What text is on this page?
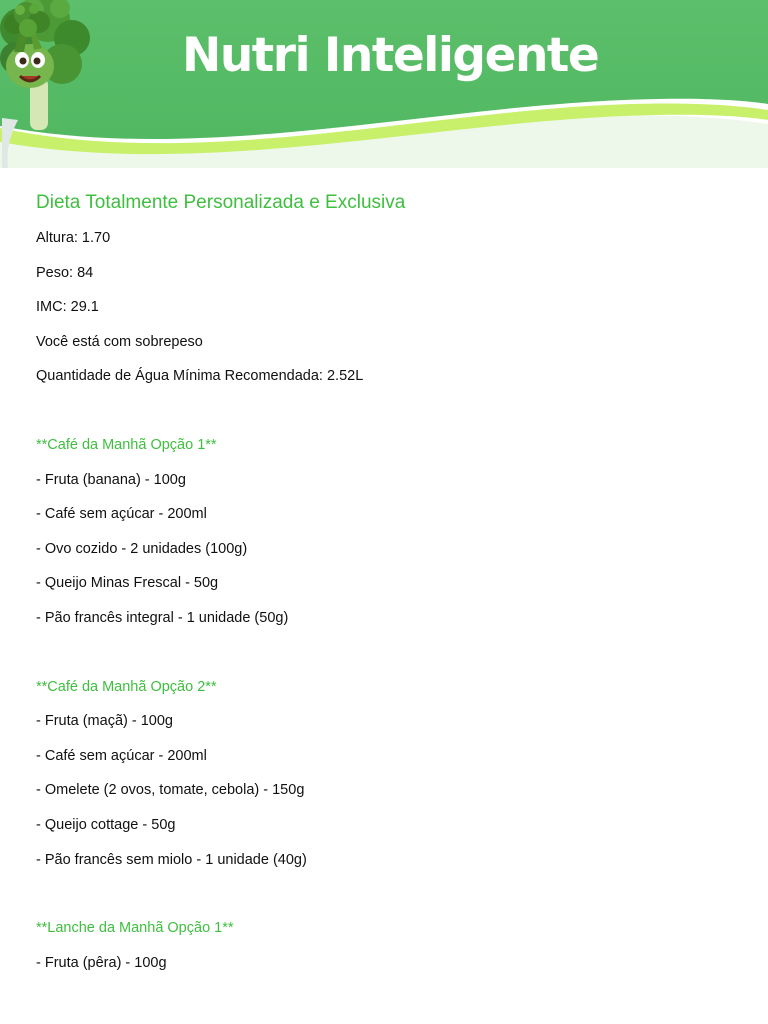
Nutri Inteligente
Dieta Totalmente Personalizada e Exclusiva
Altura: 1.70
Peso: 84
IMC: 29.1
Você está com sobrepeso
Quantidade de Água Mínima Recomendada: 2.52L
**Café da Manhã Opção 1**
- Fruta (banana) - 100g
- Café sem açúcar - 200ml
- Ovo cozido - 2 unidades (100g)
- Queijo Minas Frescal - 50g
- Pão francês integral - 1 unidade (50g)
**Café da Manhã Opção 2**
- Fruta (maçã) - 100g
- Café sem açúcar - 200ml
- Omelete (2 ovos, tomate, cebola) - 150g
- Queijo cottage - 50g
- Pão francês sem miolo - 1 unidade (40g)
**Lanche da Manhã Opção 1**
- Fruta (pêra) - 100g
